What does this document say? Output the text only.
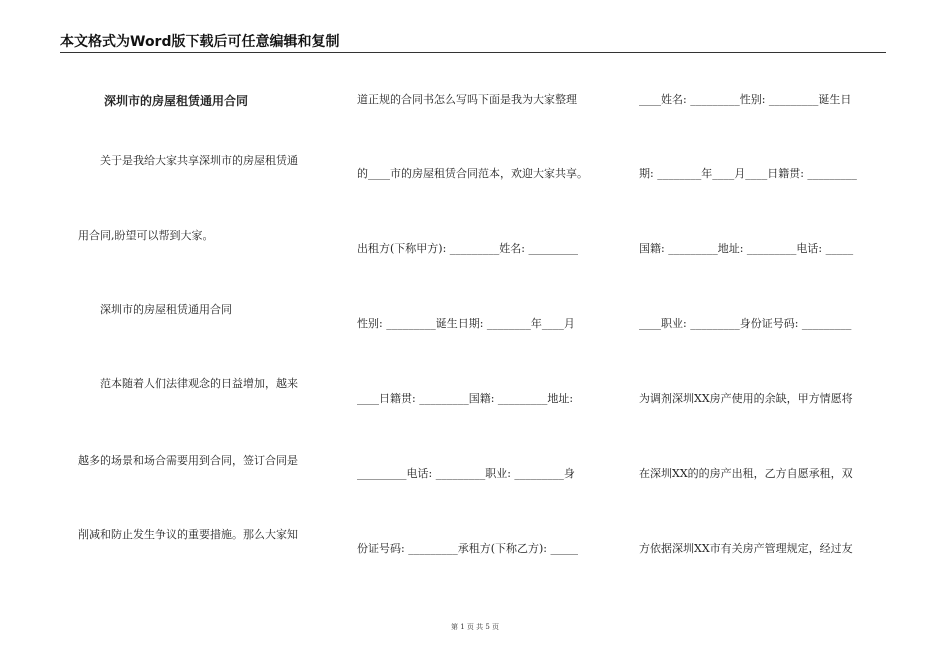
本文格式为Word版下载后可任意编辑和复制
深圳市的房屋租赁通用合同
关于是我给大家共享深圳市的房屋租赁通
用合同,盼望可以帮到大家。
深圳市的房屋租赁通用合同
范本随着人们法律观念的日益增加，越来
越多的场景和场合需要用到合同，签订合同是
削减和防止发生争议的重要措施。那么大家知
道正规的合同书怎么写吗下面是我为大家整理
的____市的房屋租赁合同范本，欢迎大家共享。
出租方(下称甲方): _________姓名: _________
性别: _________诞生日期: ________年____月
____日籍贯: _________国籍: _________地址:
_________电话: _________职业: _________身
份证号码: _________承租方(下称乙方): _____
____姓名: _________性别: _________诞生日
期: ________年____月____日籍贯: _________
国籍: _________地址: _________电话: _____
____职业: _________身份证号码: _________
为调剂深圳XX房产使用的余缺，甲方情愿将
在深圳XX的的房产出租，乙方自愿承租，双
方依据深圳XX市有关房产管理规定，经过友
第 1 页 共 5 页
